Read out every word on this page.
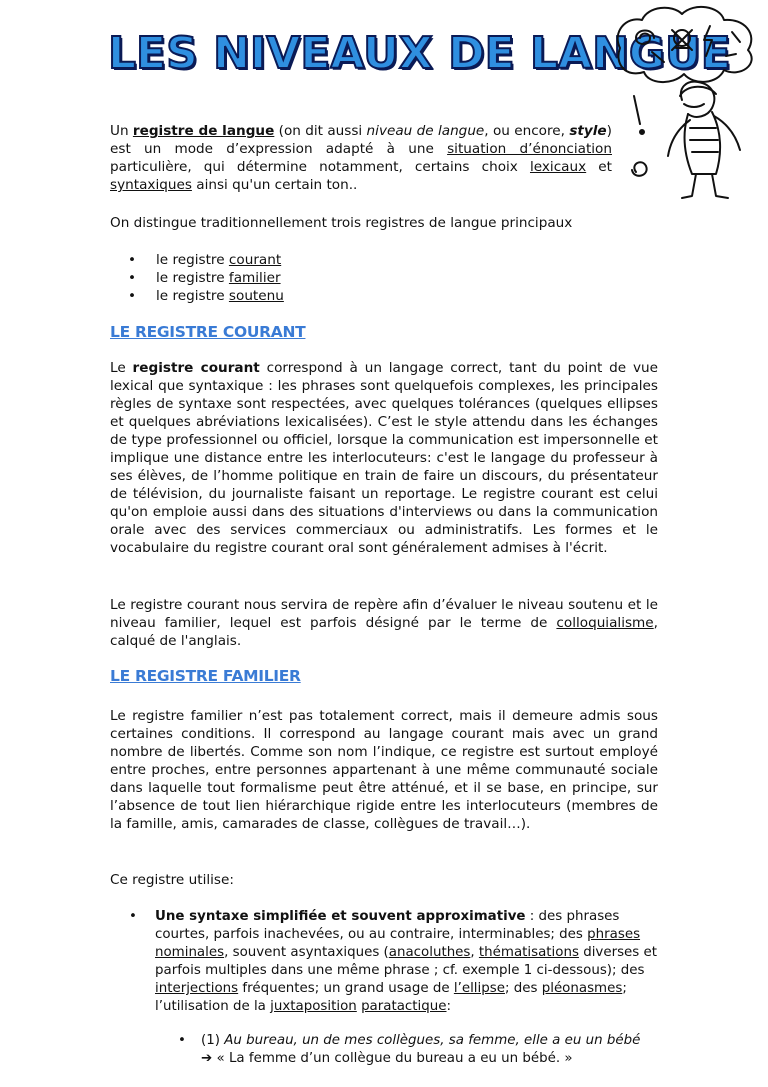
LES NIVEAUX DE LANGUE
Un registre de langue (on dit aussi niveau de langue, ou encore, style) est un mode d’expression adapté à une situation d’énonciation particulière, qui détermine notamment, certains choix lexicaux et syntaxiques ainsi qu'un certain ton..
On distingue traditionnellement trois registres de langue principaux
• le registre courant
• le registre familier
• le registre soutenu
LE REGISTRE COURANT
Le registre courant correspond à un langage correct, tant du point de vue lexical que syntaxique : les phrases sont quelquefois complexes, les principales règles de syntaxe sont respectées, avec quelques tolérances (quelques ellipses et quelques abréviations lexicalisées). C’est le style attendu dans les échanges de type professionnel ou officiel, lorsque la communication est impersonnelle et implique une distance entre les interlocuteurs: c'est le langage du professeur à ses élèves, de l’homme politique en train de faire un discours, du présentateur de télévision, du journaliste faisant un reportage. Le registre courant est celui qu'on emploie aussi dans des situations d'interviews ou dans la communication orale avec des services commerciaux ou administratifs. Les formes et le vocabulaire du registre courant oral sont généralement admises à l'écrit.
Le registre courant nous servira de repère afin d’évaluer le niveau soutenu et le niveau familier, lequel est parfois désigné par le terme de colloquialisme, calqué de l'anglais.
LE REGISTRE FAMILIER
Le registre familier n’est pas totalement correct, mais il demeure admis sous certaines conditions. Il correspond au langage courant mais avec un grand nombre de libertés. Comme son nom l’indique, ce registre est surtout employé entre proches, entre personnes appartenant à une même communauté sociale dans laquelle tout formalisme peut être atténué, et il se base, en principe, sur l’absence de tout lien hiérarchique rigide entre les interlocuteurs (membres de la famille, amis, camarades de classe, collègues de travail…).
Ce registre utilise:
• Une syntaxe simplifiée et souvent approximative : des phrases courtes, parfois inachevées, ou au contraire, interminables; des phrases nominales, souvent asyntaxiques (anacoluthes, thématisations diverses et parfois multiples dans une même phrase ; cf. exemple 1 ci-dessous); des interjections fréquentes; un grand usage de l’ellipse; des pléonasmes; l’utilisation de la juxtaposition paratactique:
• (1) Au bureau, un de mes collègues, sa femme, elle a eu un bébé
➔ « La femme d’un collègue du bureau a eu un bébé. »
